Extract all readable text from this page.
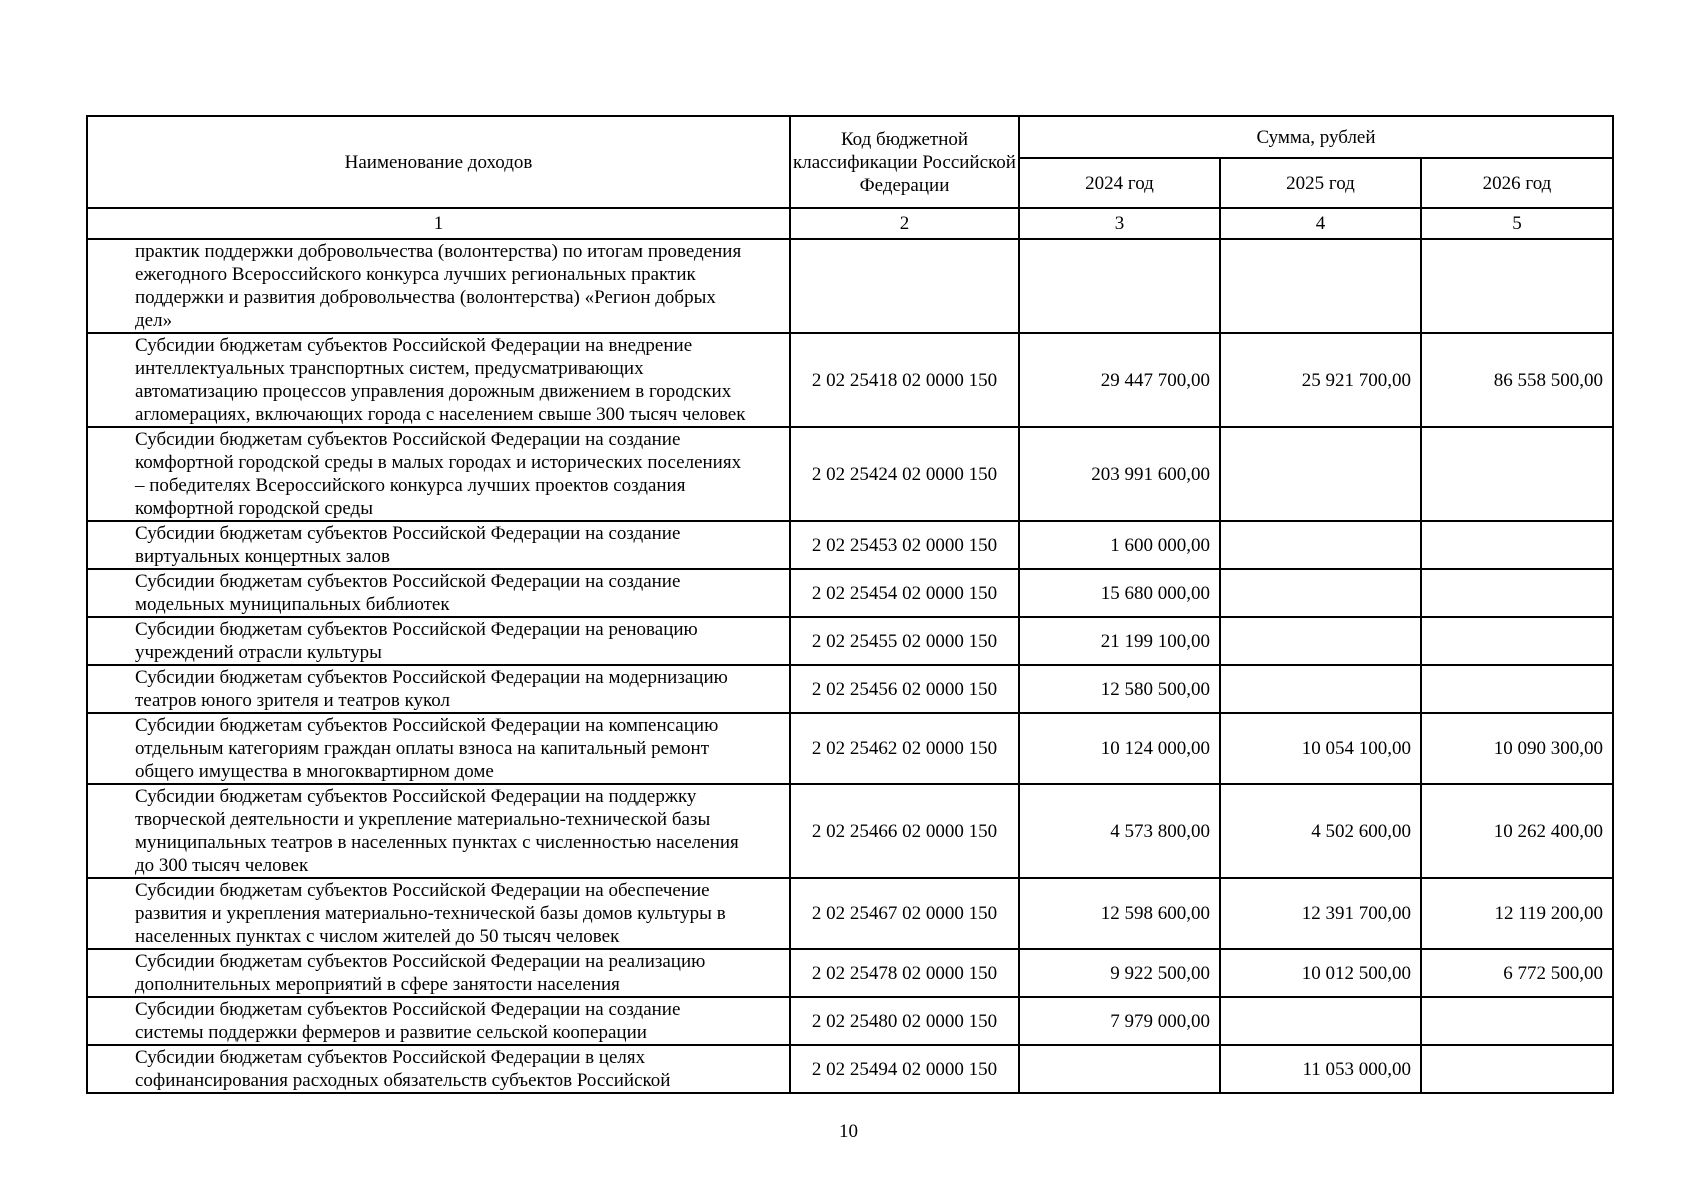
Наименование доходов	Код бюджетной классификации Российской Федерации	Сумма, рублей		
		2024 год	2025 год	2026 год
1	2	3	4	5

практик поддержки добровольчества (волонтерства) по итогам проведения
ежегодного Всероссийского конкурса лучших региональных практик
поддержки и развития добровольчества (волонтерства) «Регион добрых
дел»				

Субсидии бюджетам субъектов Российской Федерации на внедрение
интеллектуальных транспортных систем, предусматривающих
автоматизацию процессов управления дорожным движением в городских
агломерациях, включающих города с населением свыше 300 тысяч человек	2 02 25418 02 0000 150	29 447 700,00	25 921 700,00	86 558 500,00

Субсидии бюджетам субъектов Российской Федерации на создание
комфортной городской среды в малых городах и исторических поселениях
– победителях Всероссийского конкурса лучших проектов создания
комфортной городской среды	2 02 25424 02 0000 150	203 991 600,00		

Субсидии бюджетам субъектов Российской Федерации на создание
виртуальных концертных залов	2 02 25453 02 0000 150	1 600 000,00		

Субсидии бюджетам субъектов Российской Федерации на создание
модельных муниципальных библиотек	2 02 25454 02 0000 150	15 680 000,00		

Субсидии бюджетам субъектов Российской Федерации на реновацию
учреждений отрасли культуры	2 02 25455 02 0000 150	21 199 100,00		

Субсидии бюджетам субъектов Российской Федерации на модернизацию
театров юного зрителя и театров кукол	2 02 25456 02 0000 150	12 580 500,00		

Субсидии бюджетам субъектов Российской Федерации на компенсацию
отдельным категориям граждан оплаты взноса на капитальный ремонт
общего имущества в многоквартирном доме	2 02 25462 02 0000 150	10 124 000,00	10 054 100,00	10 090 300,00

Субсидии бюджетам субъектов Российской Федерации на поддержку
творческой деятельности и укрепление материально-технической базы
муниципальных театров в населенных пунктах с численностью населения
до 300 тысяч человек	2 02 25466 02 0000 150	4 573 800,00	4 502 600,00	10 262 400,00

Субсидии бюджетам субъектов Российской Федерации на обеспечение
развития и укрепления материально-технической базы домов культуры в
населенных пунктах с числом жителей до 50 тысяч человек	2 02 25467 02 0000 150	12 598 600,00	12 391 700,00	12 119 200,00

Субсидии бюджетам субъектов Российской Федерации на реализацию
дополнительных мероприятий в сфере занятости населения	2 02 25478 02 0000 150	9 922 500,00	10 012 500,00	6 772 500,00

Субсидии бюджетам субъектов Российской Федерации на создание
системы поддержки фермеров и развитие сельской кооперации	2 02 25480 02 0000 150	7 979 000,00		

Субсидии бюджетам субъектов Российской Федерации в целях
софинансирования расходных обязательств субъектов Российской	2 02 25494 02 0000 150		11 053 000,00	
10
